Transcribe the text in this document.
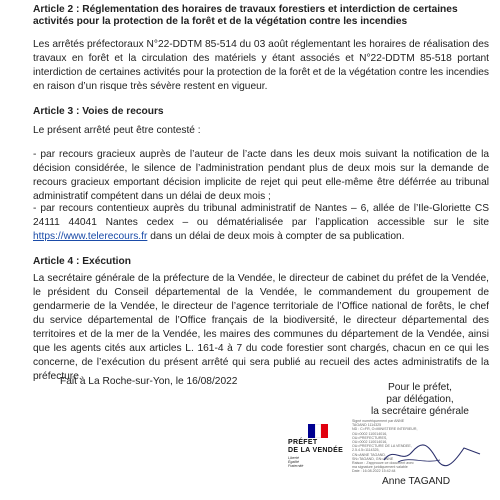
Article 2 : Réglementation des horaires de travaux forestiers et interdiction de certaines activités pour la protection de la forêt et de la végétation contre les incendies

Les arrêtés préfectoraux N°22-DDTM 85-514 du 03 août réglementant les horaires de réalisation des travaux en forêt et la circulation des matériels y étant associés et N°22-DDTM 85-518 portant interdiction de certaines activités pour la protection de la forêt et de la végétation contre les incendies en raison d’un risque très sévère restent en vigueur.

Article 3 : Voies de recours

Le présent arrêté peut être contesté :

- par recours gracieux auprès de l’auteur de l’acte dans les deux mois suivant la notification de la décision considérée, le silence de l’administration pendant plus de deux mois sur la demande de recours gracieux emportant décision implicite de rejet qui peut elle-même être déférrée au tribunal administratif compétent dans un délai de deux mois ;

- par recours contentieux auprès du tribunal administratif de Nantes – 6, allée de l’Ile-Gloriette CS 24111 44041 Nantes cedex – ou dématérialisée par l’application accessible sur le site https://www.telerecours.fr dans un délai de deux mois à compter de sa publication.

Article 4 : Exécution

La secrétaire générale de la préfecture de la Vendée, le directeur de cabinet du préfet de la Vendée, le président du Conseil départemental de la Vendée, le commandement du groupement de gendarmerie de la Vendée, le directeur de l’agence territoriale de l’Office national de forêts, le chef du service départemental de l’Office français de la biodiversité, le directeur départemental des territoires et de la mer de la Vendée, les maires des communes du département de la Vendée, ainsi que les agents cités aux articles L. 161-4 à 7 du code forestier sont chargés, chacun en ce qui les concerne, de l’exécution du présent arrêté qui sera publié au recueil des actes administratifs de la préfecture.

Fait à La Roche-sur-Yon, le 16/08/2022

Pour le préfet,
par délégation,
la secrétaire générale
Signé numériquement par ANNE
TAGAND 1114325
ND : C=FR, O=MINISTERE INTERIEUR,
OU=0002 110014016,
OU=PREFECTURES,
OU=0002 110014016,
OU=PREFECTURE DE LA VENDEE,
2.5.4.5=1114325,
CN=ANNE TAGAND,
SN=TAGAND, GN=ANNE
Raison : J'approuve ce document avec
ma signature juridiquement valable
Date : 16.08.2022 15:42:44
PRÉFET
DE LA VENDÉE
Liberté
Égalité
Fraternité
Anne TAGAND
